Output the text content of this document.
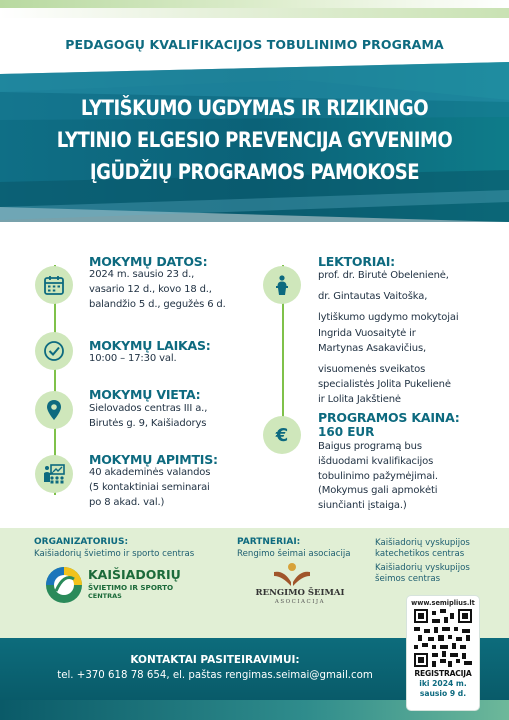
PEDAGOGŲ KVALIFIKACIJOS TOBULINIMO PROGRAMA
LYTIŠKUMO UGDYMAS IR RIZIKINGO
LYTINIO ELGESIO PREVENCIJA GYVENIMO
ĮGŪDŽIŲ PROGRAMOS PAMOKOSE
€
MOKYMŲ DATOS:
2024 m. sausio 23 d.,
vasario 12 d., kovo 18 d.,
balandžio 5 d., gegužės 6 d.
MOKYMŲ LAIKAS:
10:00 – 17:30 val.
MOKYMŲ VIETA:
Sielovados centras III a.,
Birutės g. 9, Kaišiadorys
MOKYMŲ APIMTIS:
40 akademinės valandos
(5 kontaktiniai seminarai
po 8 akad. val.)
LEKTORIAI:
prof. dr. Birutė Obelenienė,
dr. Gintautas Vaitoška,
lytiškumo ugdymo mokytojai
Ingrida Vuosaitytė ir
Martynas Asakavičius,
visuomenės sveikatos
specialistės Jolita Pukelienė
ir Lolita Jakštienė
PROGRAMOS KAINA:
160 EUR
Baigus programą bus
išduodami kvalifikacijos
tobulinimo pažymėjimai.
(Mokymus gali apmokėti
siunčianti įstaiga.)
ORGANIZATORIUS:
Kaišiadorių švietimo ir sporto centras
KAIŠIADORIŲ
ŠVIETIMO IR SPORTO
CENTRAS
PARTNERIAI:
Rengimo šeimai asociacija
RENGIMO ŠEIMAI
ASOCIACIJA
Kaišiadorių vyskupijos
katechetikos centras
Kaišiadorių vyskupijos
šeimos centras
KONTAKTAI PASITEIRAVIMUI:
tel. +370 618 78 654, el. paštas rengimas.seimai@gmail.com
www.semiplius.lt
REGISTRACIJA
iki 2024 m.
sausio 9 d.
